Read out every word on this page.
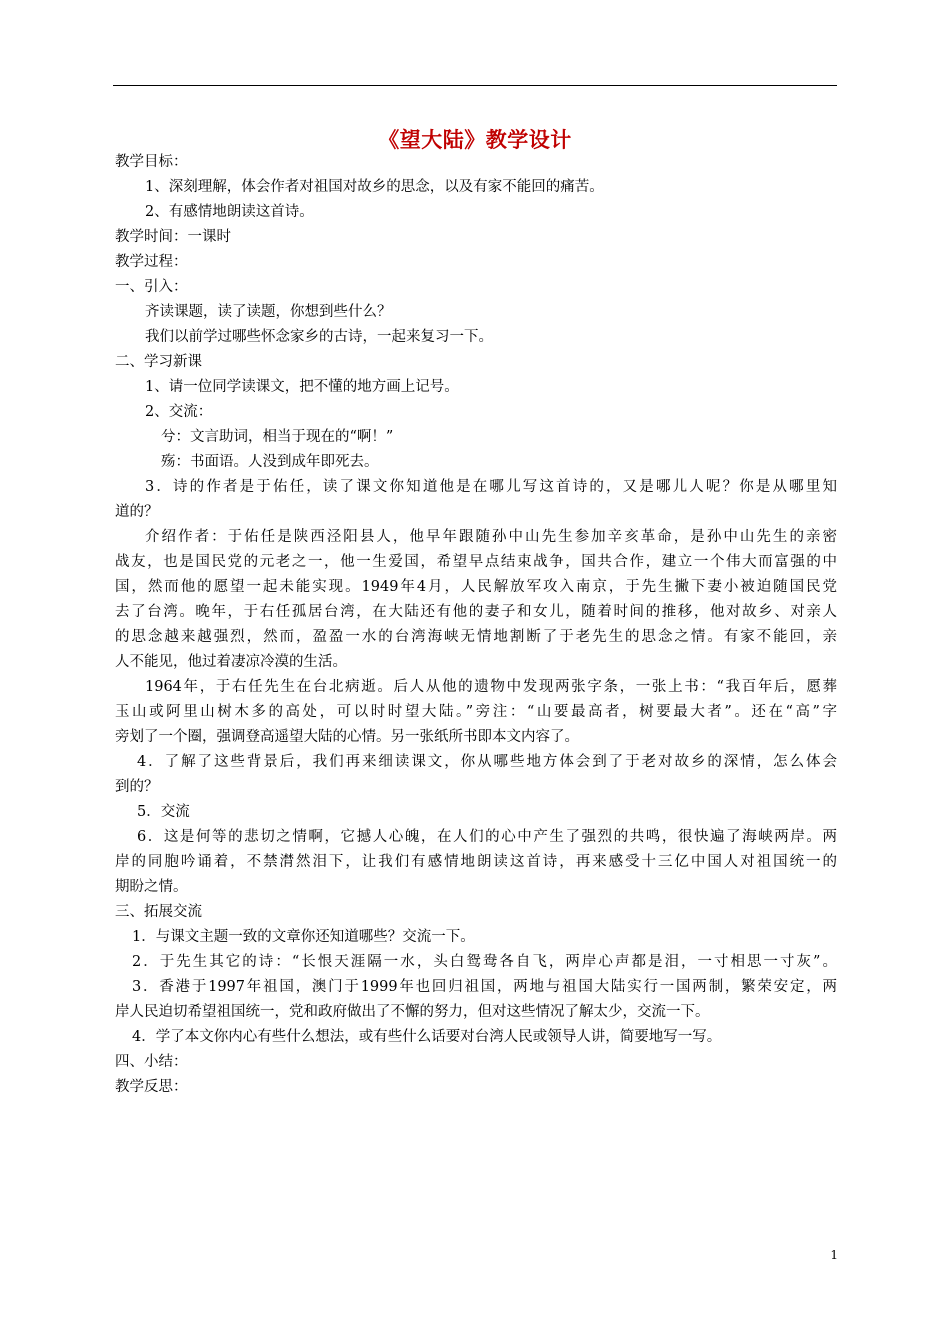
《望大陆》教学设计
教学目标：
1、深刻理解，体会作者对祖国对故乡的思念，以及有家不能回的痛苦。
2、有感情地朗读这首诗。
教学时间：一课时
教学过程：
一、引入：
齐读课题，读了读题，你想到些什么？
我们以前学过哪些怀念家乡的古诗，一起来复习一下。
二、学习新课
1、请一位同学读课文，把不懂的地方画上记号。
2、交流：
兮：文言助词，相当于现在的“啊！”
殇：书面语。人没到成年即死去。
3．诗的作者是于佑任，读了课文你知道他是在哪儿写这首诗的，又是哪儿人呢？你是从哪里知
道的？
介绍作者：于佑任是陕西泾阳县人，他早年跟随孙中山先生参加辛亥革命，是孙中山先生的亲密
战友，也是国民党的元老之一，他一生爱国，希望早点结束战争，国共合作，建立一个伟大而富强的中
国，然而他的愿望一起未能实现。1949年4月，人民解放军攻入南京，于先生撇下妻小被迫随国民党
去了台湾。晚年，于右任孤居台湾，在大陆还有他的妻子和女儿，随着时间的推移，他对故乡、对亲人
的思念越来越强烈，然而，盈盈一水的台湾海峡无情地割断了于老先生的思念之情。有家不能回，亲
人不能见，他过着凄凉冷漠的生活。
1964年，于右任先生在台北病逝。后人从他的遗物中发现两张字条，一张上书：“我百年后，愿葬
玉山或阿里山树木多的高处，可以时时望大陆。”旁注：“山要最高者，树要最大者”。还在“高”字
旁划了一个圈，强调登高遥望大陆的心情。另一张纸所书即本文内容了。
4．了解了这些背景后，我们再来细读课文，你从哪些地方体会到了于老对故乡的深情，怎么体会
到的？
5．交流
6．这是何等的悲切之情啊，它撼人心魄，在人们的心中产生了强烈的共鸣，很快遍了海峡两岸。两
岸的同胞吟诵着，不禁潸然泪下，让我们有感情地朗读这首诗，再来感受十三亿中国人对祖国统一的
期盼之情。
三、拓展交流
1．与课文主题一致的文章你还知道哪些？交流一下。
2．于先生其它的诗：“长恨天涯隔一水，头白鸳鸯各自飞，两岸心声都是泪，一寸相思一寸灰”。
3．香港于1997年祖国，澳门于1999年也回归祖国，两地与祖国大陆实行一国两制，繁荣安定，两
岸人民迫切希望祖国统一，党和政府做出了不懈的努力，但对这些情况了解太少，交流一下。
4．学了本文你内心有些什么想法，或有些什么话要对台湾人民或领导人讲，简要地写一写。
四、小结：
教学反思：
1
